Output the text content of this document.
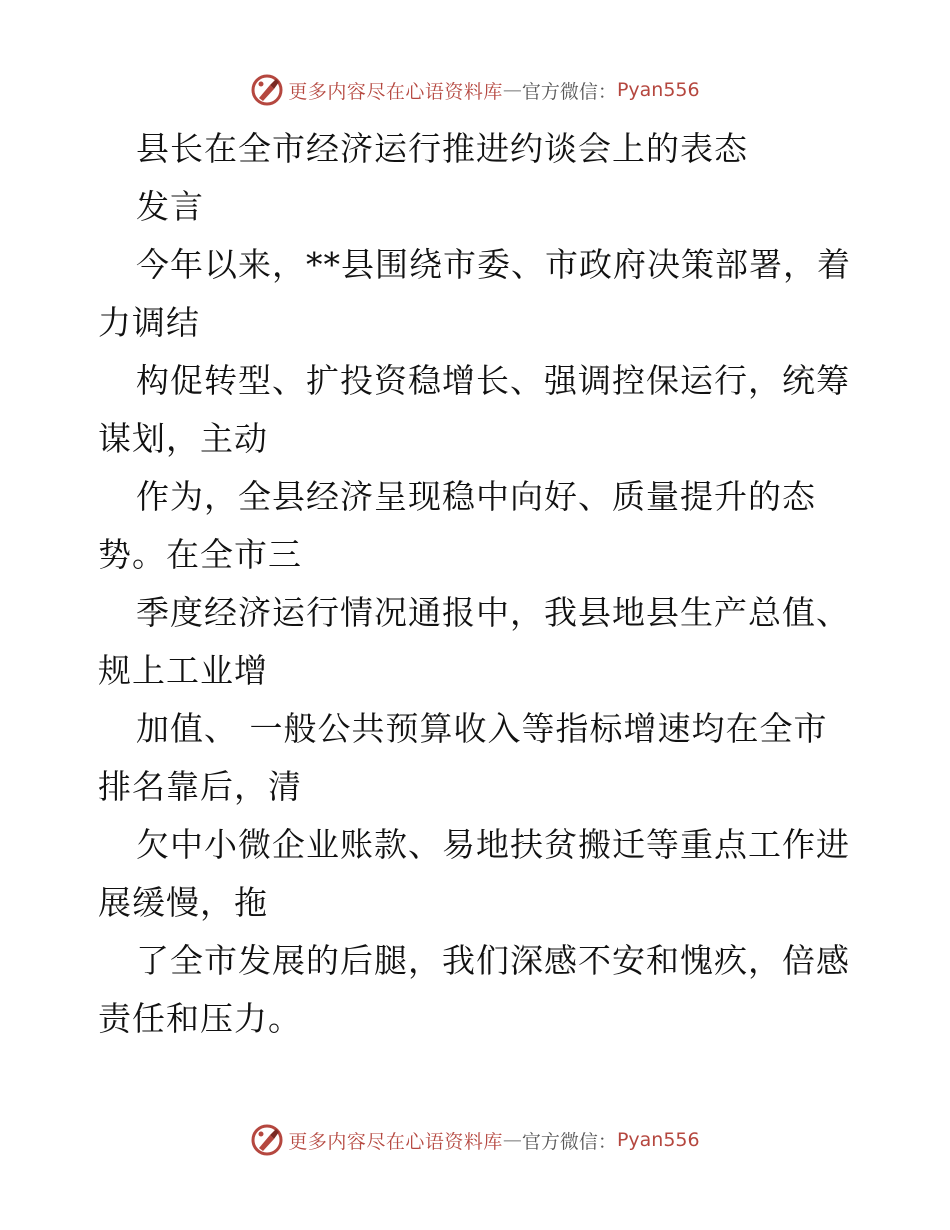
更多内容尽在心语资料库 — 官方微信： Pyan556
县长在全市经济运行推进约谈会上的表态
发言
今年以来，**县围绕市委、市政府决策部署，着
力调结
构促转型、扩投资稳增长、强调控保运行，统筹
谋划，主动
作为，全县经济呈现稳中向好、质量提升的态
势。在全市三
季度经济运行情况通报中，我县地县生产总值、
规上工业增
加值、 一般公共预算收入等指标增速均在全市
排名靠后，清
欠中小微企业账款、易地扶贫搬迁等重点工作进
展缓慢，拖
了全市发展的后腿，我们深感不安和愧疚，倍感
责任和压力。
更多内容尽在心语资料库 — 官方微信： Pyan556
